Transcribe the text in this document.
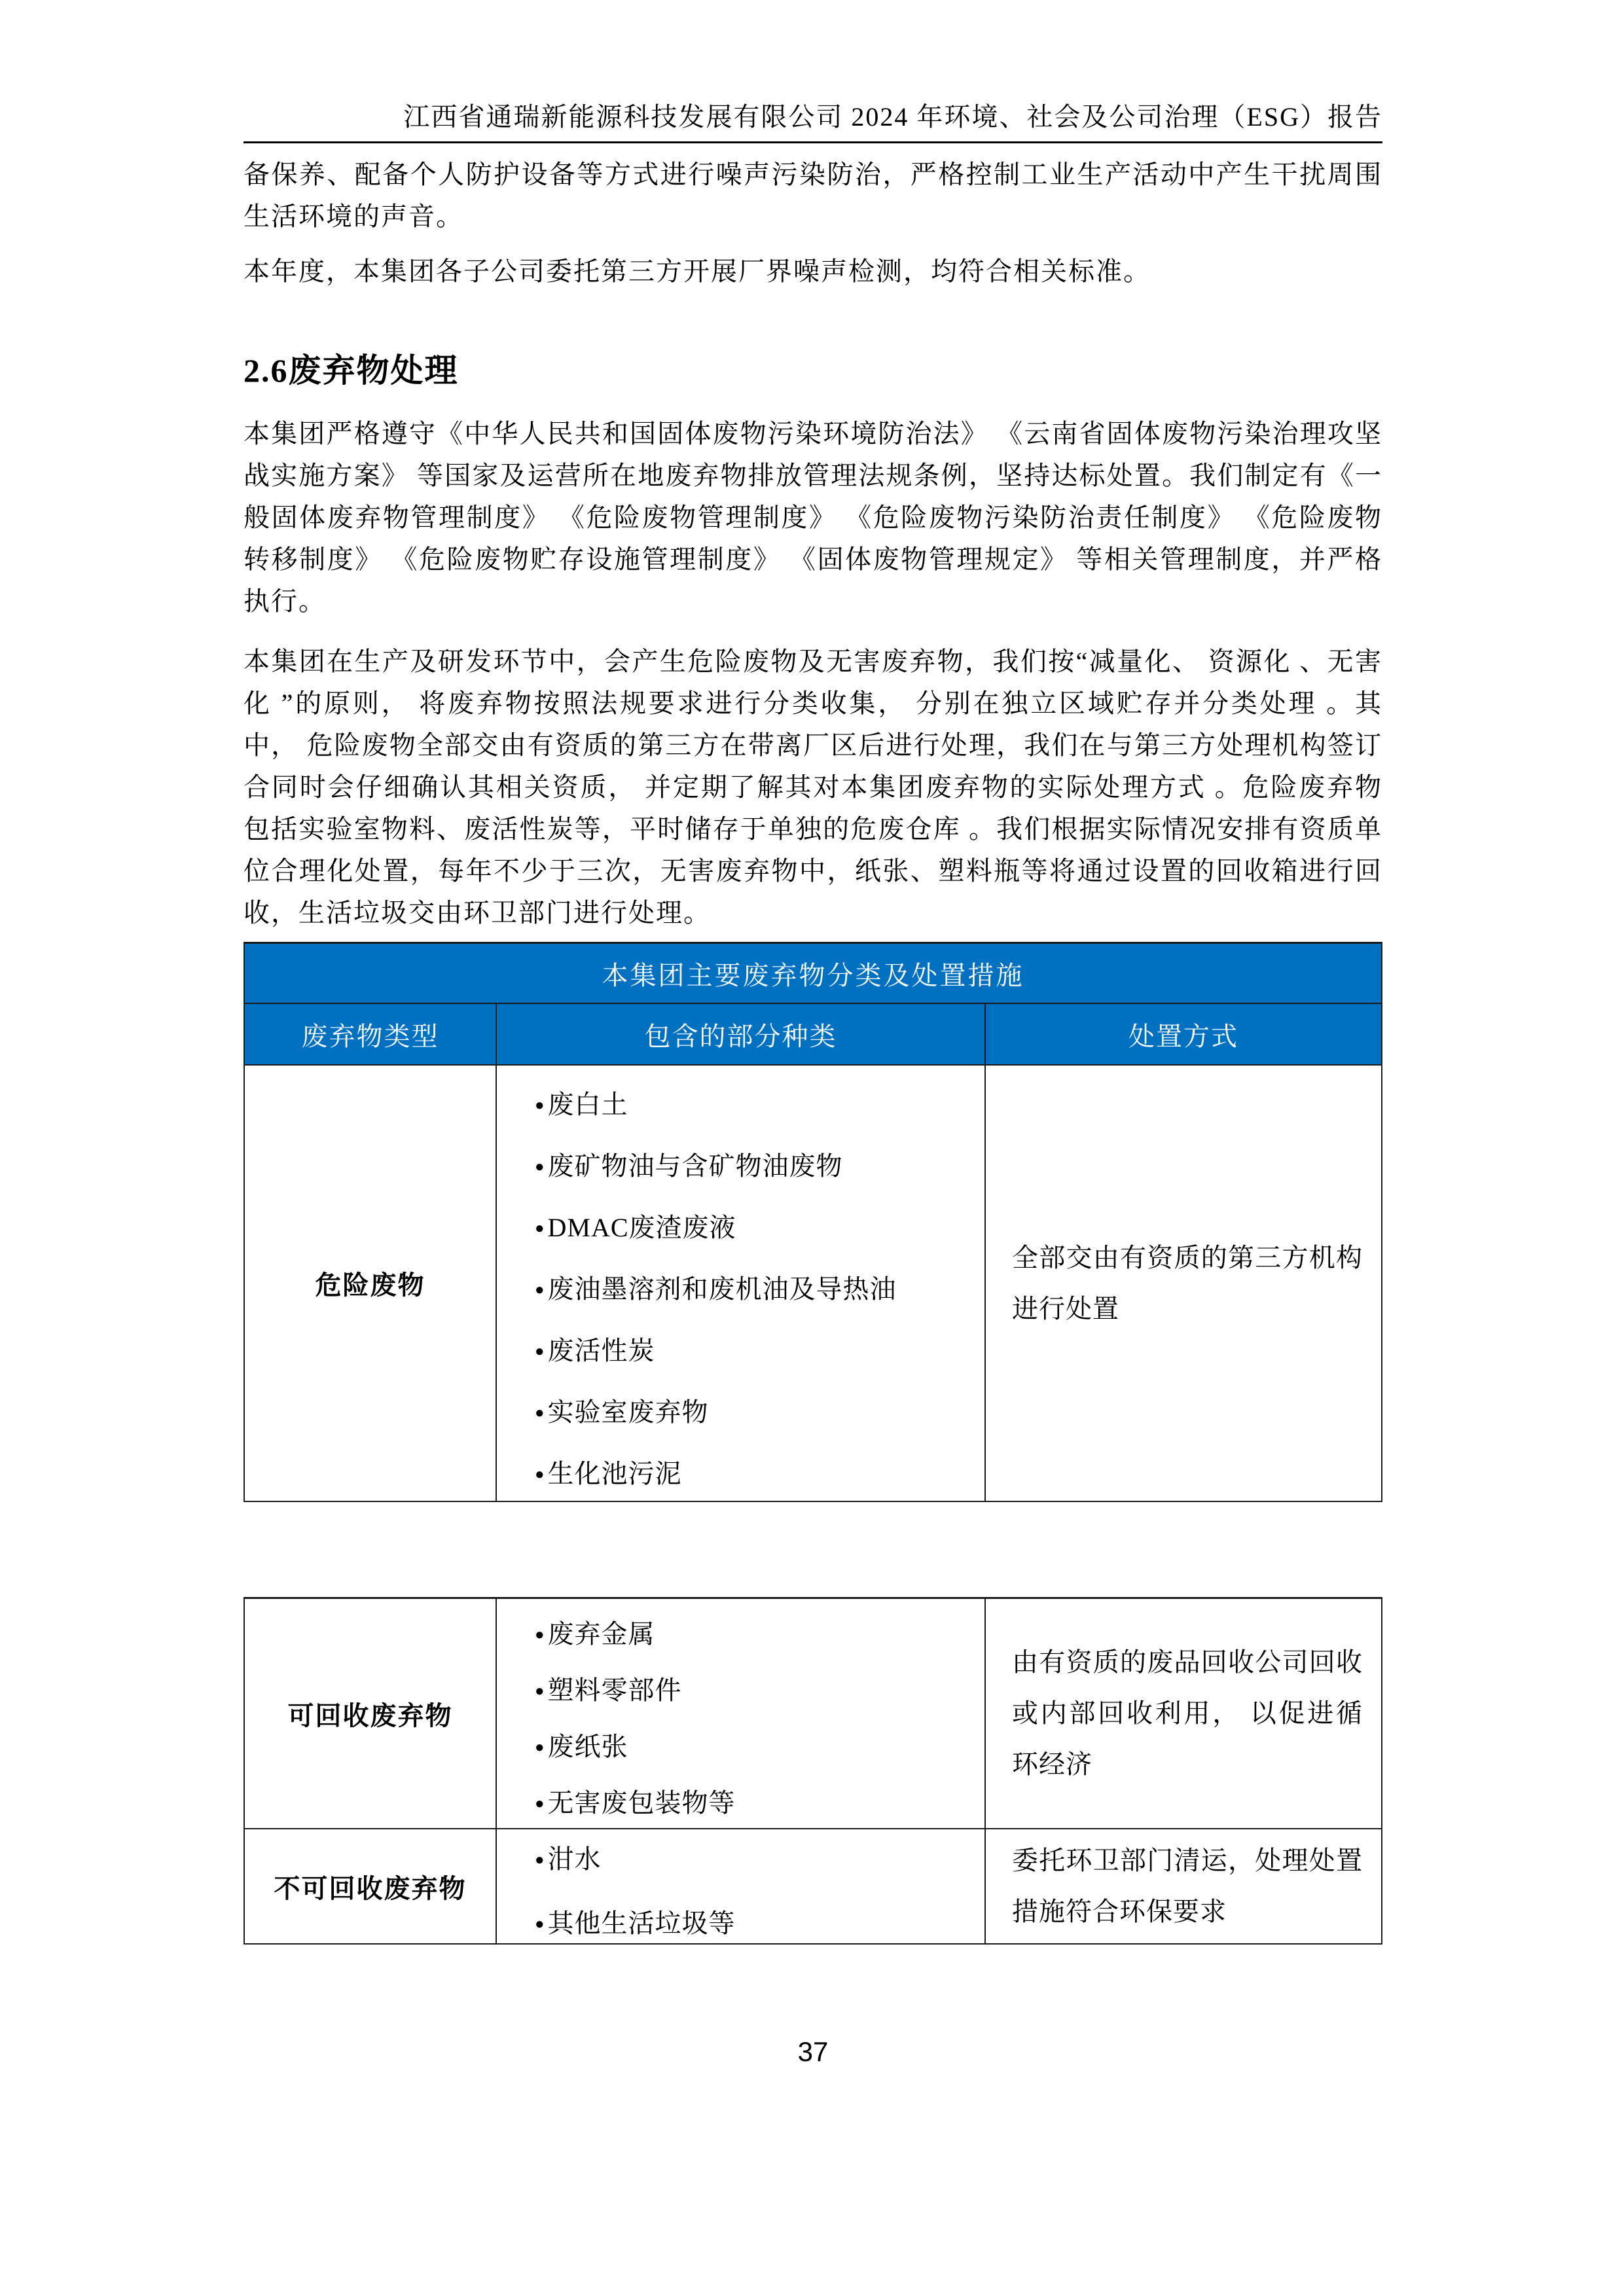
江西省通瑞新能源科技发展有限公司 2024 年环境、社会及公司治理（ESG）报告

备保养、配备个人防护设备等方式进行噪声污染防治，严格控制工业生产活动中产生干扰周围生活环境的声音。

本年度，本集团各子公司委托第三方开展厂界噪声检测，均符合相关标准。

2.6废弃物处理

本集团严格遵守《中华人民共和国固体废物污染环境防治法》 《云南省固体废物污染治理攻坚战实施方案》 等国家及运营所在地废弃物排放管理法规条例，坚持达标处置。我们制定有《一般固体废弃物管理制度》 《危险废物管理制度》 《危险废物污染防治责任制度》 《危险废物转移制度》 《危险废物贮存设施管理制度》 《固体废物管理规定》 等相关管理制度，并严格执行。

本集团在生产及研发环节中，会产生危险废物及无害废弃物，我们按“减量化、 资源化 、无害化 ”的原则， 将废弃物按照法规要求进行分类收集， 分别在独立区域贮存并分类处理 。其中， 危险废物全部交由有资质的第三方在带离厂区后进行处理，我们在与第三方处理机构签订合同时会仔细确认其相关资质， 并定期了解其对本集团废弃物的实际处理方式 。危险废弃物包括实验室物料、废活性炭等，平时储存于单独的危废仓库 。我们根据实际情况安排有资质单位合理化处置，每年不少于三次，无害废弃物中，纸张、塑料瓶等将通过设置的回收箱进行回收，生活垃圾交由环卫部门进行处理。

本集团主要废弃物分类及处置措施
废弃物类型	包含的部分种类	处置方式
危险废物
● 废白土
● 废矿物油与含矿物油废物
● DMAC废渣废液
● 废油墨溶剂和废机油及导热油
● 废活性炭
● 实验室废弃物
● 生化池污泥
全部交由有资质的第三方机构进行处置
可回收废弃物
● 废弃金属
● 塑料零部件
● 废纸张
● 无害废包装物等
由有资质的废品回收公司回收或内部回收利用， 以促进循环经济
不可回收废弃物
● 泔水
● 其他生活垃圾等
委托环卫部门清运，处理处置措施符合环保要求
37
